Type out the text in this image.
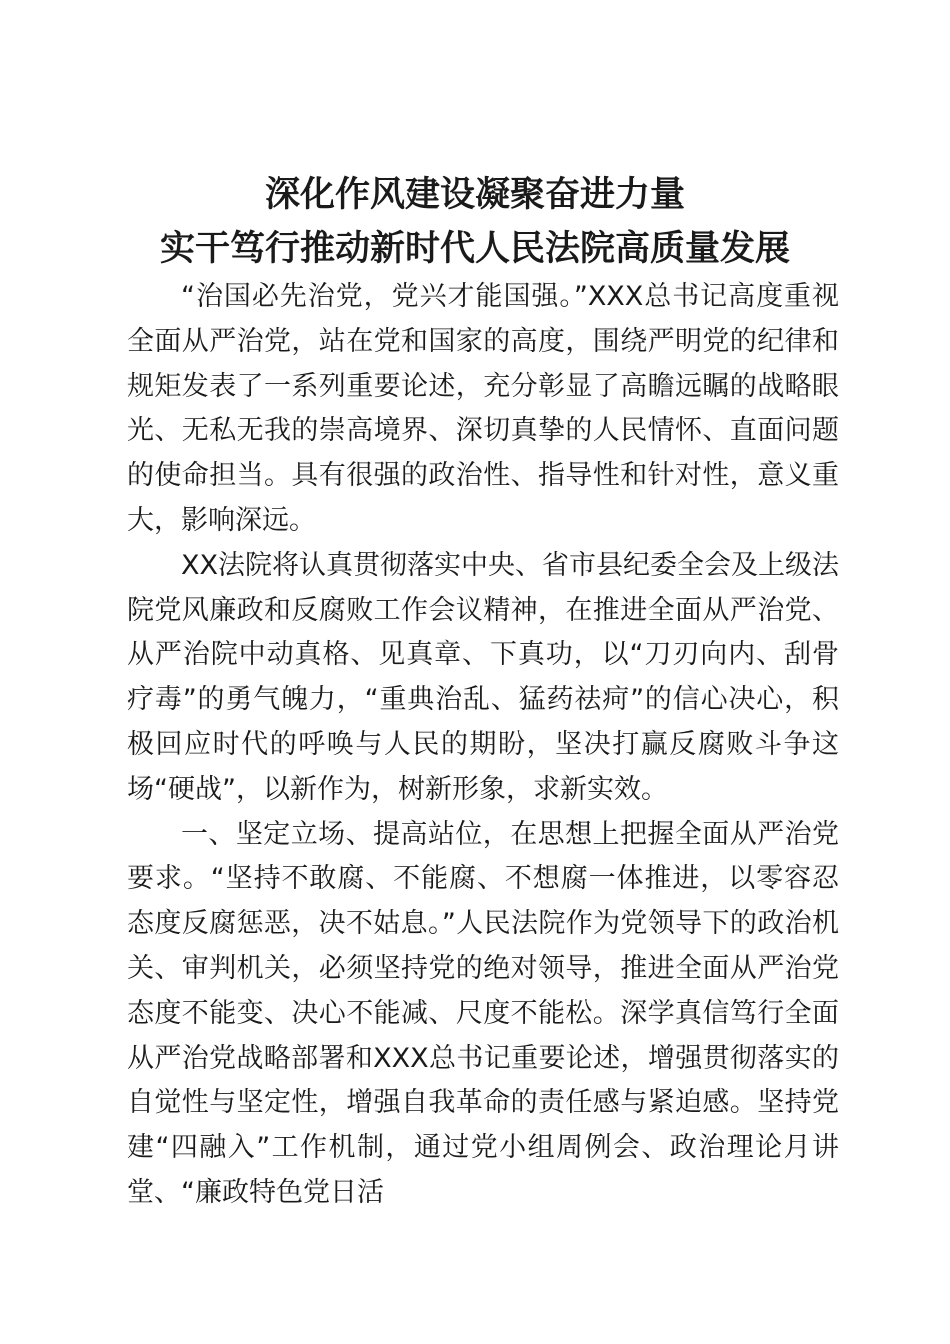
深化作风建设凝聚奋进力量
实干笃行推动新时代人民法院高质量发展

“治国必先治党，党兴才能国强。”XXX总书记高度重视全面从严治党，站在党和国家的高度，围绕严明党的纪律和规矩发表了一系列重要论述，充分彰显了高瞻远瞩的战略眼光、无私无我的崇高境界、深切真挚的人民情怀、直面问题的使命担当。具有很强的政治性、指导性和针对性，意义重大，影响深远。

XX法院将认真贯彻落实中央、省市县纪委全会及上级法院党风廉政和反腐败工作会议精神，在推进全面从严治党、从严治院中动真格、见真章、下真功，以“刀刃向内、刮骨疗毒”的勇气魄力，“重典治乱、猛药祛疴”的信心决心，积极回应时代的呼唤与人民的期盼，坚决打赢反腐败斗争这场“硬战”，以新作为，树新形象，求新实效。

一、坚定立场、提高站位，在思想上把握全面从严治党要求。“坚持不敢腐、不能腐、不想腐一体推进，以零容忍态度反腐惩恶，决不姑息。”人民法院作为党领导下的政治机关、审判机关，必须坚持党的绝对领导，推进全面从严治党态度不能变、决心不能减、尺度不能松。深学真信笃行全面从严治党战略部署和XXX总书记重要论述，增强贯彻落实的自觉性与坚定性，增强自我革命的责任感与紧迫感。坚持党建“四融入”工作机制，通过党小组周例会、政治理论月讲堂、“廉政特色党日活
